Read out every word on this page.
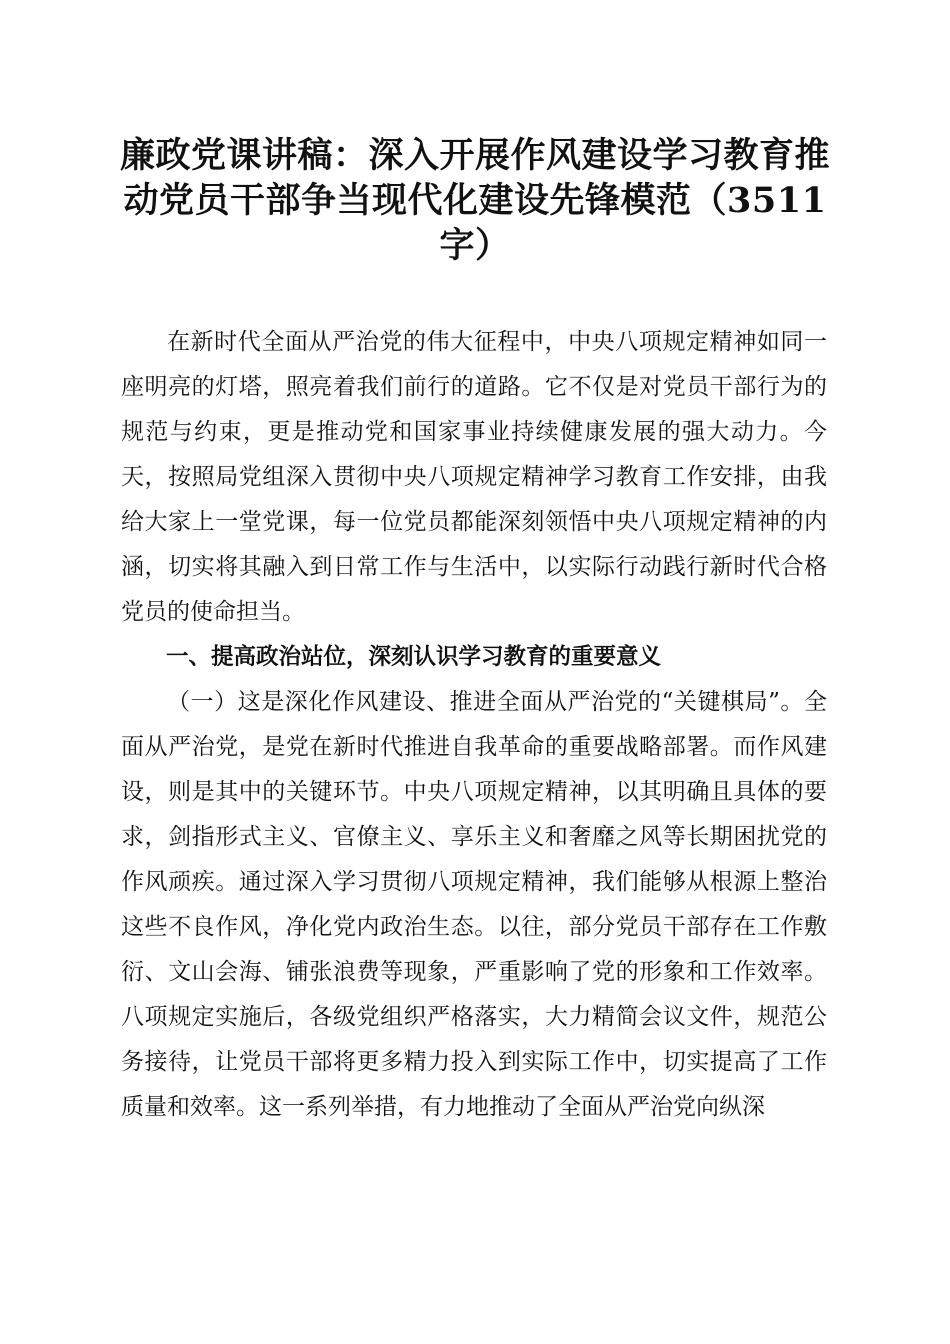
廉政党课讲稿：深入开展作风建设学习教育推动党员干部争当现代化建设先锋模范（3511字）

在新时代全面从严治党的伟大征程中，中央八项规定精神如同一座明亮的灯塔，照亮着我们前行的道路。它不仅是对党员干部行为的规范与约束，更是推动党和国家事业持续健康发展的强大动力。今天，按照局党组深入贯彻中央八项规定精神学习教育工作安排，由我给大家上一堂党课，每一位党员都能深刻领悟中央八项规定精神的内涵，切实将其融入到日常工作与生活中，以实际行动践行新时代合格党员的使命担当。

一、提高政治站位，深刻认识学习教育的重要意义

（一）这是深化作风建设、推进全面从严治党的“关键棋局”。全面从严治党，是党在新时代推进自我革命的重要战略部署。而作风建设，则是其中的关键环节。中央八项规定精神，以其明确且具体的要求，剑指形式主义、官僚主义、享乐主义和奢靡之风等长期困扰党的作风顽疾。通过深入学习贯彻八项规定精神，我们能够从根源上整治这些不良作风，净化党内政治生态。以往，部分党员干部存在工作敷衍、文山会海、铺张浪费等现象，严重影响了党的形象和工作效率。八项规定实施后，各级党组织严格落实，大力精简会议文件，规范公务接待，让党员干部将更多精力投入到实际工作中，切实提高了工作质量和效率。这一系列举措，有力地推动了全面从严治党向纵深
